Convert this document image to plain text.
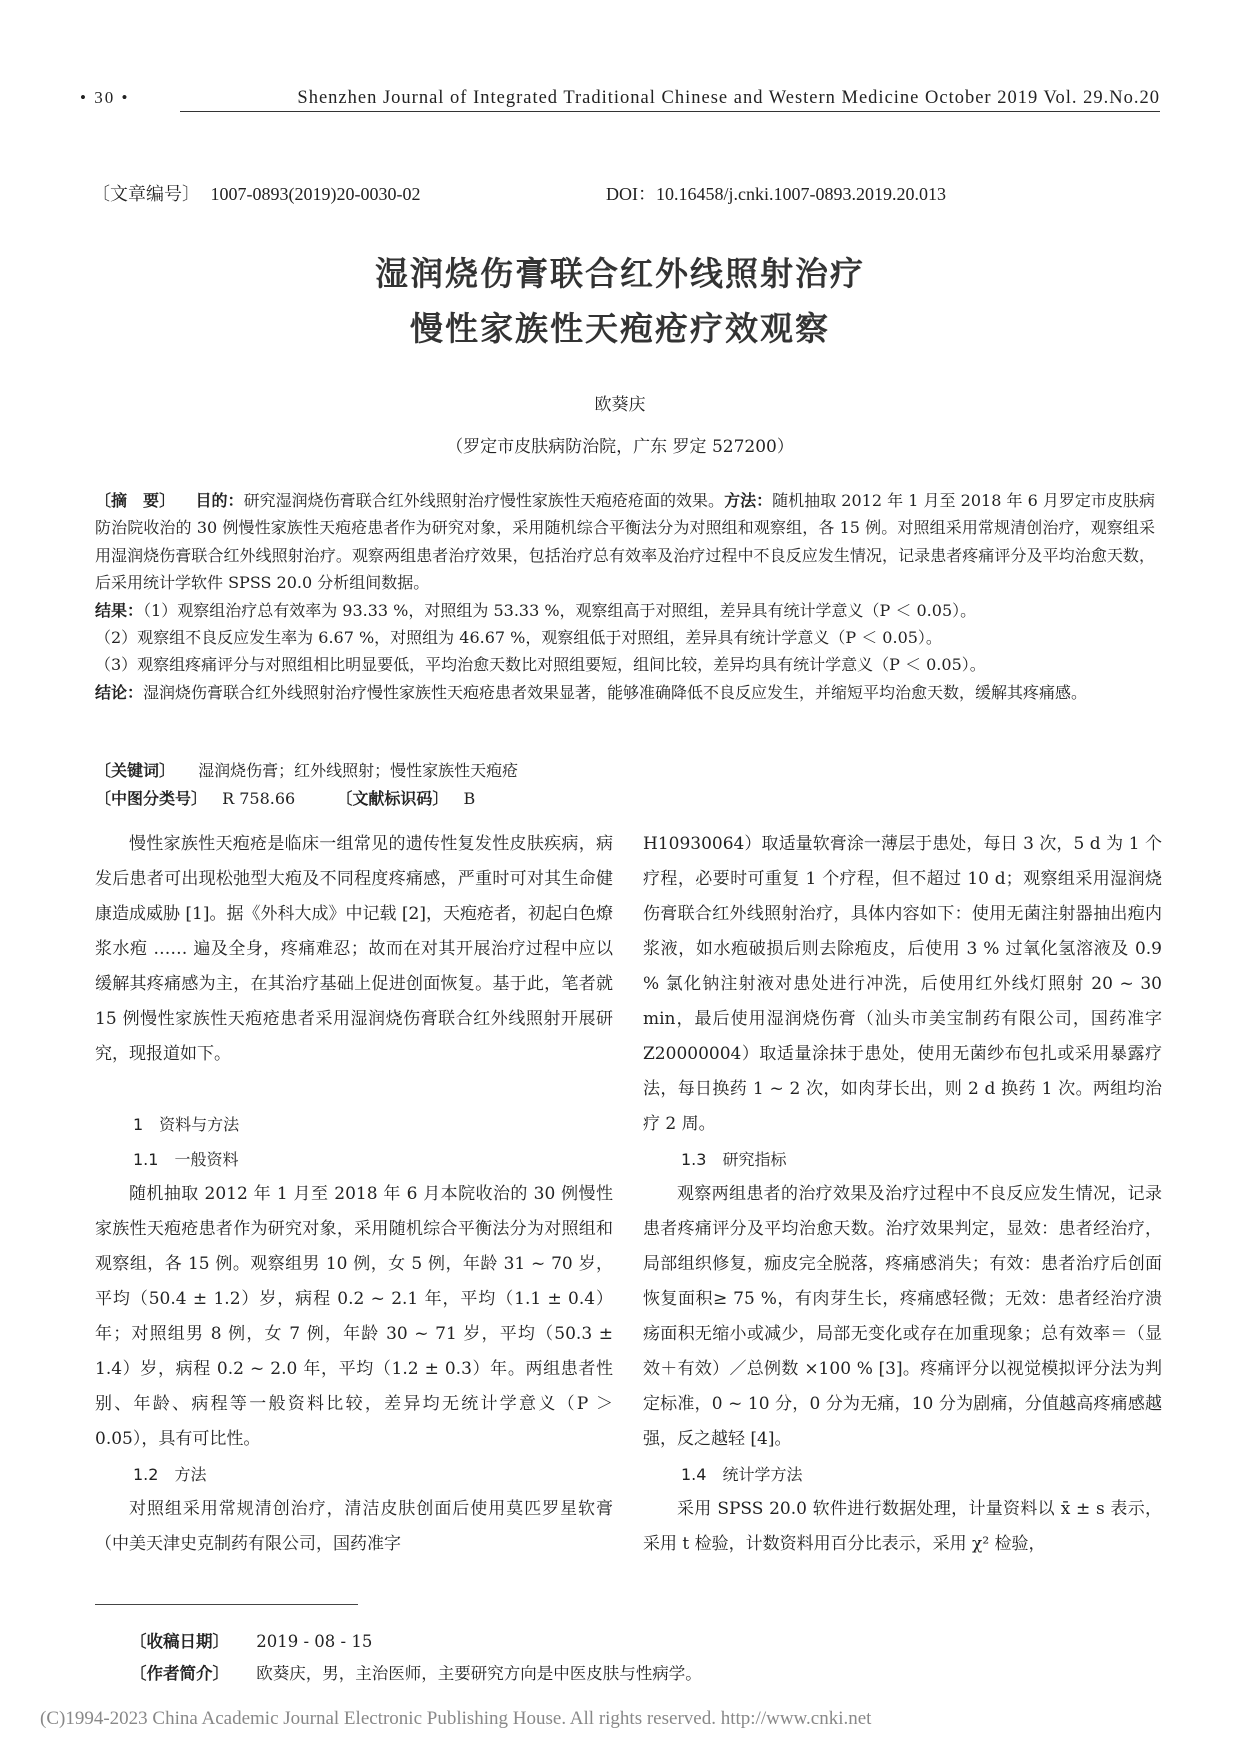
• 30 •	Shenzhen Journal of Integrated Traditional Chinese and Western Medicine October 2019 Vol. 29.No.20
〔文章编号〕 1007-0893(2019)20-0030-02	DOI：10.16458/j.cnki.1007-0893.2019.20.013
湿润烧伤膏联合红外线照射治疗
慢性家族性天疱疮疗效观察
欧葵庆
（罗定市皮肤病防治院，广东 罗定 527200）
〔摘　要〕 目的：研究湿润烧伤膏联合红外线照射治疗慢性家族性天疱疮疮面的效果。方法：随机抽取 2012 年 1 月至 2018 年 6 月罗定市皮肤病防治院收治的 30 例慢性家族性天疱疮患者作为研究对象，采用随机综合平衡法分为对照组和观察组，各 15 例。对照组采用常规清创治疗，观察组采用湿润烧伤膏联合红外线照射治疗。观察两组患者治疗效果，包括治疗总有效率及治疗过程中不良反应发生情况，记录患者疼痛评分及平均治愈天数，后采用统计学软件 SPSS 20.0 分析组间数据。
结果：（1）观察组治疗总有效率为 93.33 %，对照组为 53.33 %，观察组高于对照组，差异具有统计学意义（P ＜ 0.05）。
（2）观察组不良反应发生率为 6.67 %，对照组为 46.67 %，观察组低于对照组，差异具有统计学意义（P ＜ 0.05）。
（3）观察组疼痛评分与对照组相比明显要低，平均治愈天数比对照组要短，组间比较，差异均具有统计学意义（P ＜ 0.05）。
结论：湿润烧伤膏联合红外线照射治疗慢性家族性天疱疮患者效果显著，能够准确降低不良反应发生，并缩短平均治愈天数，缓解其疼痛感。
〔关键词〕 湿润烧伤膏；红外线照射；慢性家族性天疱疮
〔中图分类号〕 R 758.66	〔文献标识码〕 B

慢性家族性天疱疮是临床一组常见的遗传性复发性皮肤疾病，病发后患者可出现松弛型大疱及不同程度疼痛感，严重时可对其生命健康造成威胁 [1]。据《外科大成》中记载 [2]，天疱疮者，初起白色燎浆水疱 …… 遍及全身，疼痛难忍；故而在对其开展治疗过程中应以缓解其疼痛感为主，在其治疗基础上促进创面恢复。基于此，笔者就 15 例慢性家族性天疱疮患者采用湿润烧伤膏联合红外线照射开展研究，现报道如下。

1　资料与方法

1.1　一般资料

随机抽取 2012 年 1 月至 2018 年 6 月本院收治的 30 例慢性家族性天疱疮患者作为研究对象，采用随机综合平衡法分为对照组和观察组，各 15 例。观察组男 10 例，女 5 例，年龄 31 ~ 70 岁，平均（50.4 ± 1.2）岁，病程 0.2 ~ 2.1 年，平均（1.1 ± 0.4）年；对照组男 8 例，女 7 例，年龄 30 ~ 71 岁，平均（50.3 ± 1.4）岁，病程 0.2 ~ 2.0 年，平均（1.2 ± 0.3）年。两组患者性别、年龄、病程等一般资料比较，差异均无统计学意义（P ＞ 0.05），具有可比性。

1.2　方法

对照组采用常规清创治疗，清洁皮肤创面后使用莫匹罗星软膏（中美天津史克制药有限公司，国药准字

H10930064）取适量软膏涂一薄层于患处，每日 3 次，5 d 为 1 个疗程，必要时可重复 1 个疗程，但不超过 10 d；观察组采用湿润烧伤膏联合红外线照射治疗，具体内容如下：使用无菌注射器抽出疱内浆液，如水疱破损后则去除疱皮，后使用 3 % 过氧化氢溶液及 0.9 % 氯化钠注射液对患处进行冲洗，后使用红外线灯照射 20 ~ 30 min，最后使用湿润烧伤膏（汕头市美宝制药有限公司，国药准字 Z20000004）取适量涂抹于患处，使用无菌纱布包扎或采用暴露疗法，每日换药 1 ~ 2 次，如肉芽长出，则 2 d 换药 1 次。两组均治疗 2 周。

1.3　研究指标

观察两组患者的治疗效果及治疗过程中不良反应发生情况，记录患者疼痛评分及平均治愈天数。治疗效果判定，显效：患者经治疗，局部组织修复，痂皮完全脱落，疼痛感消失；有效：患者治疗后创面恢复面积≥ 75 %，有肉芽生长，疼痛感轻微；无效：患者经治疗溃疡面积无缩小或减少，局部无变化或存在加重现象；总有效率＝（显效＋有效）／总例数 ×100 % [3]。疼痛评分以视觉模拟评分法为判定标准，0 ~ 10 分，0 分为无痛，10 分为剧痛，分值越高疼痛感越强，反之越轻 [4]。

1.4　统计学方法

采用 SPSS 20.0 软件进行数据处理，计量资料以 x̄ ± s 表示，采用 t 检验，计数资料用百分比表示，采用 χ² 检验，

〔收稿日期〕 2019 - 08 - 15
〔作者简介〕 欧葵庆，男，主治医师，主要研究方向是中医皮肤与性病学。
(C)1994-2023 China Academic Journal Electronic Publishing House. All rights reserved. http://www.cnki.net
